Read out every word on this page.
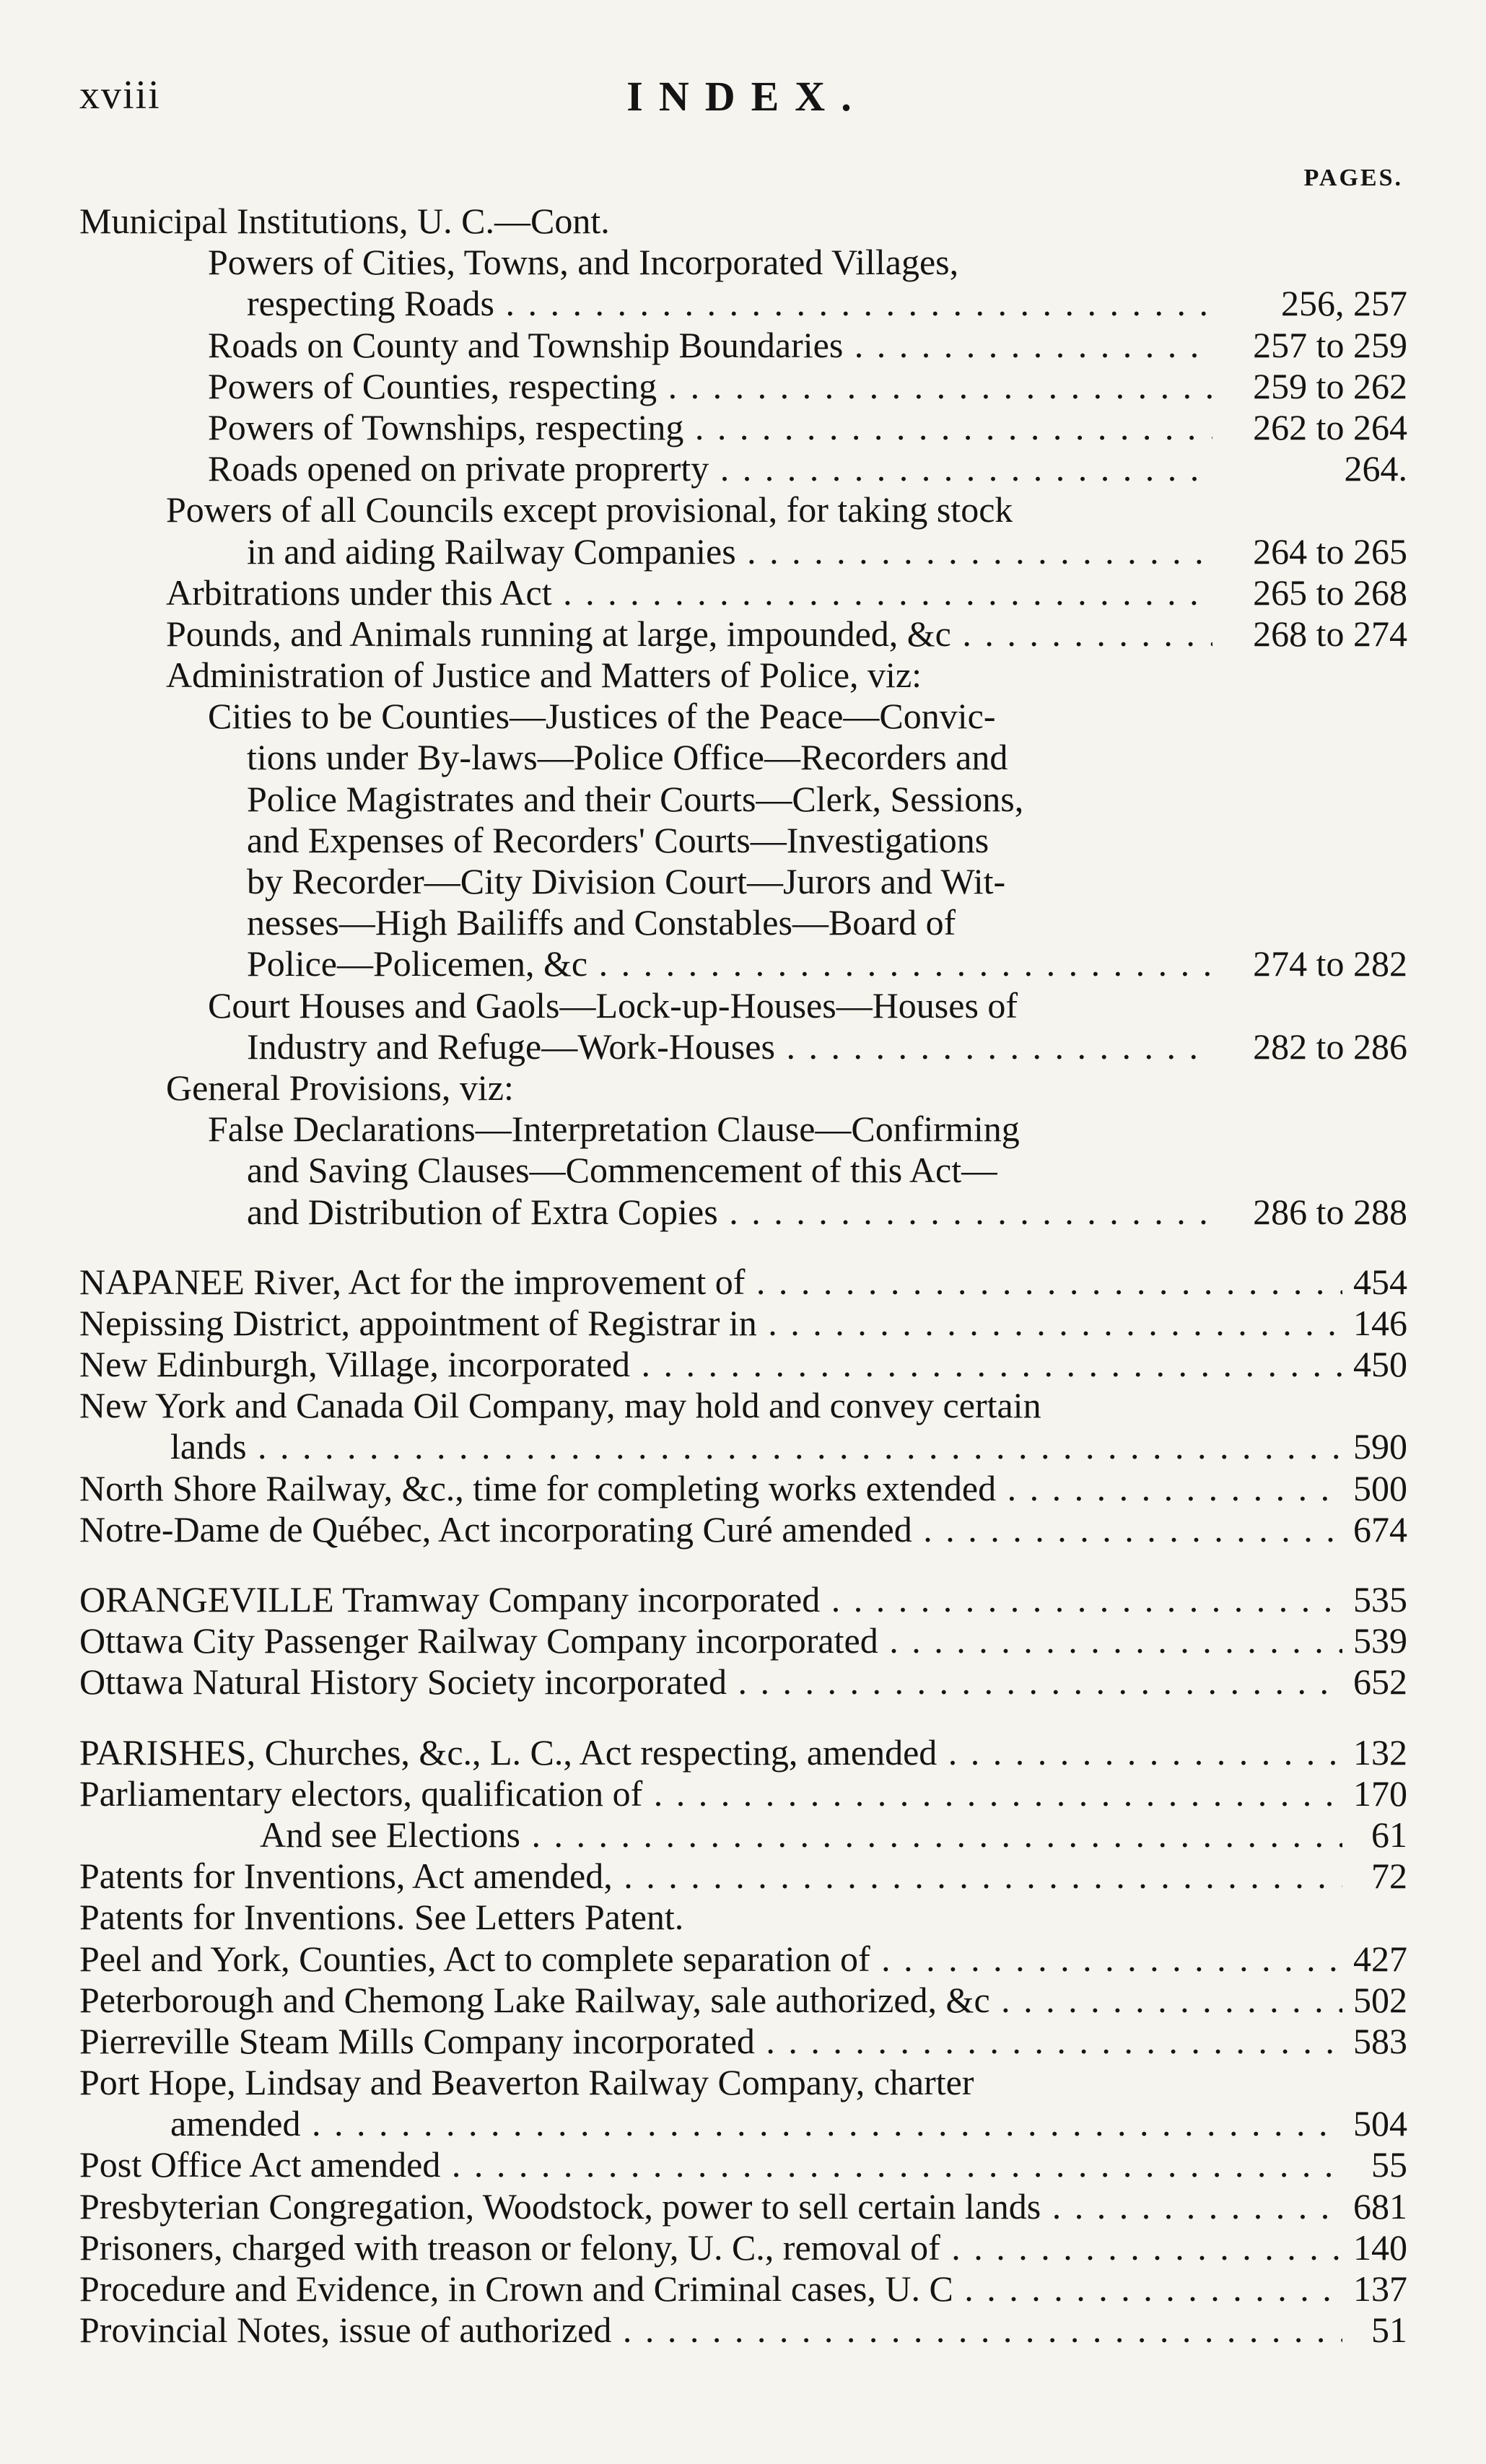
xviii	INDEX.
PAGES.
Municipal Institutions, U. C.—Cont.
Powers of Cities, Towns, and Incorporated Villages,
respecting Roads . . .	256, 257
Roads on County and Township Boundaries . . .	257 to 259
Powers of Counties, respecting . . .	259 to 262
Powers of Townships, respecting . . .	262 to 264
Roads opened on private proprerty . . .	264.
Powers of all Councils except provisional, for taking stock
in and aiding Railway Companies . . .	264 to 265
Arbitrations under this Act . . .	265 to 268
Pounds, and Animals running at large, impounded, &c . . .	268 to 274
Administration of Justice and Matters of Police, viz:
Cities to be Counties—Justices of the Peace—Convic-
tions under By-laws—Police Office—Recorders and
Police Magistrates and their Courts—Clerk, Sessions,
and Expenses of Recorders' Courts—Investigations
by Recorder—City Division Court—Jurors and Wit-
nesses—High Bailiffs and Constables—Board of
Police—Policemen, &c . . .	274 to 282
Court Houses and Gaols—Lock-up-Houses—Houses of
Industry and Refuge—Work-Houses . . .	282 to 286
General Provisions, viz:
False Declarations—Interpretation Clause—Confirming
and Saving Clauses—Commencement of this Act—
and Distribution of Extra Copies . . .	286 to 288
NAPANEE River, Act for the improvement of . . .	454
Nepissing District, appointment of Registrar in . . .	146
New Edinburgh, Village, incorporated . . .	450
New York and Canada Oil Company, may hold and convey certain
lands . . .	590
North Shore Railway, &c., time for completing works extended . . .	500
Notre-Dame de Québec, Act incorporating Curé amended . . .	674
ORANGEVILLE Tramway Company incorporated . . .	535
Ottawa City Passenger Railway Company incorporated . . .	539
Ottawa Natural History Society incorporated . . .	652
PARISHES, Churches, &c., L. C., Act respecting, amended . . .	132
Parliamentary electors, qualification of . . .	170
And see Elections . . .	61
Patents for Inventions, Act amended, . . .	72
Patents for Inventions. See Letters Patent.
Peel and York, Counties, Act to complete separation of . . .	427
Peterborough and Chemong Lake Railway, sale authorized, &c . . .	502
Pierreville Steam Mills Company incorporated . . .	583
Port Hope, Lindsay and Beaverton Railway Company, charter
amended . . .	504
Post Office Act amended . . .	55
Presbyterian Congregation, Woodstock, power to sell certain lands . . .	681
Prisoners, charged with treason or felony, U. C., removal of . . .	140
Procedure and Evidence, in Crown and Criminal cases, U. C . . .	137
Provincial Notes, issue of authorized . . .	51
